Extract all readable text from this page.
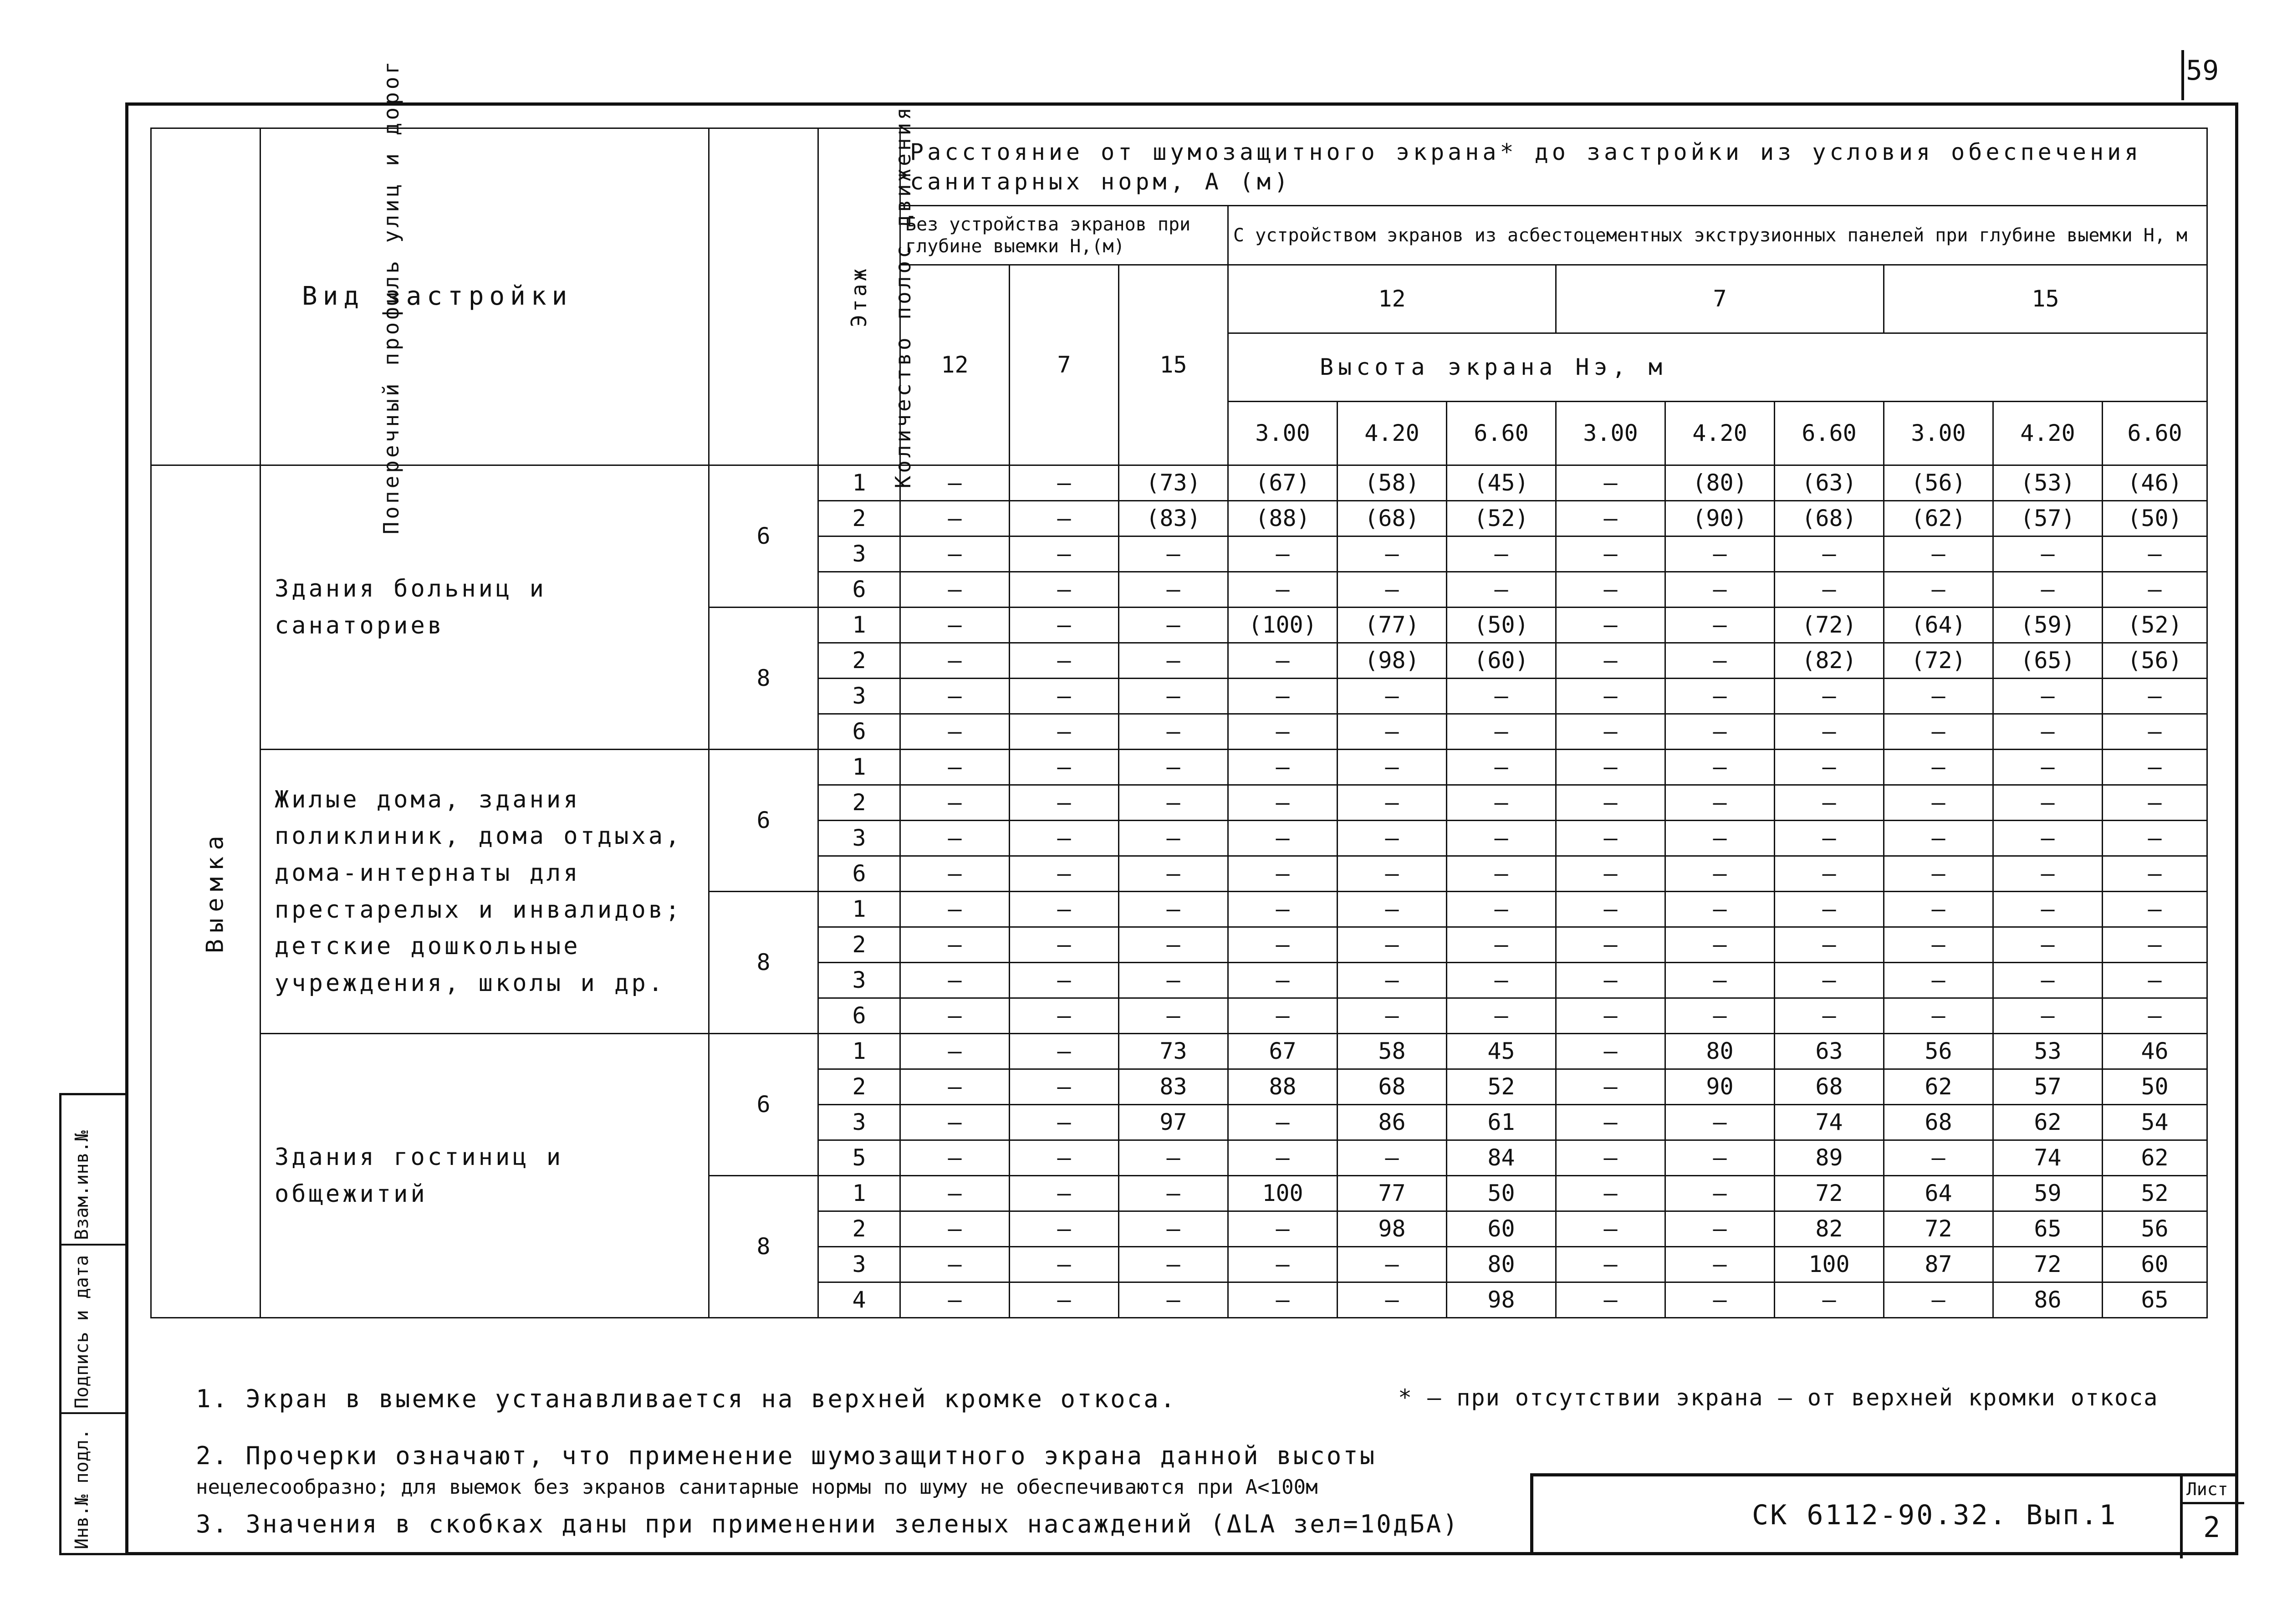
59
Взам.инв.№
Подпись и дата
Инв.№ подл.
Поперечный профиль улиц и дорог	Вид застройки	Количество полос движения	Этаж	Расстояние от шумозащитного экрана* до застройки из условия обеспечения санитарных норм, А (м)											
				Без устройства экранов при глубине выемки Н,(м)			С устройством экранов из асбестоцементных экструзионных панелей при глубине выемки Н, м								
				12	7	15	12			7			15		
							Высота экрана Нэ, м								
							3.00	4.20	6.60	3.00	4.20	6.60	3.00	4.20	6.60
Выемка	Здания больниц и санаториев	6	1	–	–	(73)	(67)	(58)	(45)	–	(80)	(63)	(56)	(53)	(46)
			2	–	–	(83)	(88)	(68)	(52)	–	(90)	(68)	(62)	(57)	(50)
			3	–	–	–	–	–	–	–	–	–	–	–	–
			6	–	–	–	–	–	–	–	–	–	–	–	–
		8	1	–	–	–	(100)	(77)	(50)	–	–	(72)	(64)	(59)	(52)
			2	–	–	–	–	(98)	(60)	–	–	(82)	(72)	(65)	(56)
			3	–	–	–	–	–	–	–	–	–	–	–	–
			6	–	–	–	–	–	–	–	–	–	–	–	–
	Жилые дома, здания поликлиник, дома отдыха, дома-интернаты для престарелых и инвалидов; детские дошкольные учреждения, школы и др.	6	1	–	–	–	–	–	–	–	–	–	–	–	–
			2	–	–	–	–	–	–	–	–	–	–	–	–
			3	–	–	–	–	–	–	–	–	–	–	–	–
			6	–	–	–	–	–	–	–	–	–	–	–	–
		8	1	–	–	–	–	–	–	–	–	–	–	–	–
			2	–	–	–	–	–	–	–	–	–	–	–	–
			3	–	–	–	–	–	–	–	–	–	–	–	–
			6	–	–	–	–	–	–	–	–	–	–	–	–
	Здания гостиниц и общежитий	6	1	–	–	73	67	58	45	–	80	63	56	53	46
			2	–	–	83	88	68	52	–	90	68	62	57	50
			3	–	–	97	–	86	61	–	–	74	68	62	54
			5	–	–	–	–	–	84	–	–	89	–	74	62
		8	1	–	–	–	100	77	50	–	–	72	64	59	52
			2	–	–	–	–	98	60	–	–	82	72	65	56
			3	–	–	–	–	–	80	–	–	100	87	72	60
			4	–	–	–	–	–	98	–	–	–	–	86	65
1. Экран в выемке устанавливается на верхней кромке откоса.	* – при отсутствии экрана – от верхней кромки откоса
2. Прочерки означают, что применение шумозащитного экрана данной высоты
нецелесообразно; для выемок без экранов санитарные нормы по шуму не обеспечиваются при А<100м
3. Значения в скобках даны при применении зеленых насаждений (ΔLA зел=10дБА)	СК 6112-90.32. Вып.1
Лист
2
